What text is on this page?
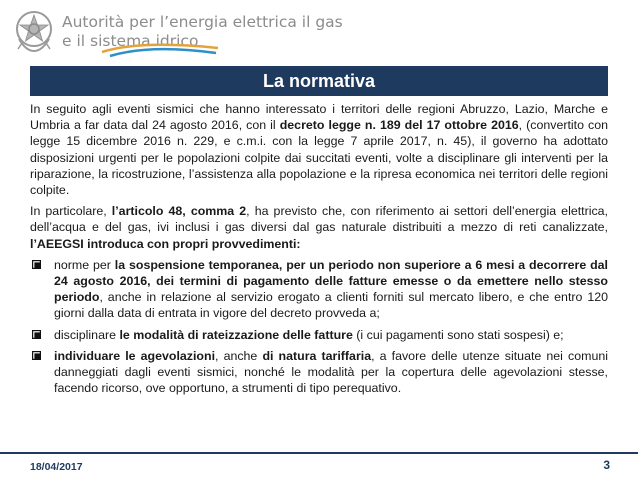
Autorità per l’energia elettrica il gas
e il sistema idrico
La normativa

In seguito agli eventi sismici che hanno interessato i territori delle regioni Abruzzo, Lazio, Marche e Umbria a far data dal 24 agosto 2016, con il decreto legge n. 189 del 17 ottobre 2016, (convertito con legge 15 dicembre 2016 n. 229, e c.m.i. con la legge 7 aprile 2017, n. 45), il governo ha adottato disposizioni urgenti per le popolazioni colpite dai succitati eventi, volte a disciplinare gli interventi per la riparazione, la ricostruzione, l’assistenza alla popolazione e la ripresa economica nei territori delle regioni colpite.

In particolare, l’articolo 48, comma 2, ha previsto che, con riferimento ai settori dell’energia elettrica, dell’acqua e del gas, ivi inclusi i gas diversi dal gas naturale distribuiti a mezzo di reti canalizzate, l’AEEGSI introduca con propri provvedimenti:

norme per la sospensione temporanea, per un periodo non superiore a 6 mesi a decorrere dal 24 agosto 2016, dei termini di pagamento delle fatture emesse o da emettere nello stesso periodo, anche in relazione al servizio erogato a clienti forniti sul mercato libero, e che entro 120 giorni dalla data di entrata in vigore del decreto provveda a;
disciplinare le modalità di rateizzazione delle fatture (i cui pagamenti sono stati sospesi) e;
individuare le agevolazioni, anche di natura tariffaria, a favore delle utenze situate nei comuni danneggiati dagli eventi sismici, nonché le modalità per la copertura delle agevolazioni stesse, facendo ricorso, ove opportuno, a strumenti di tipo perequativo.
18/04/2017	3
